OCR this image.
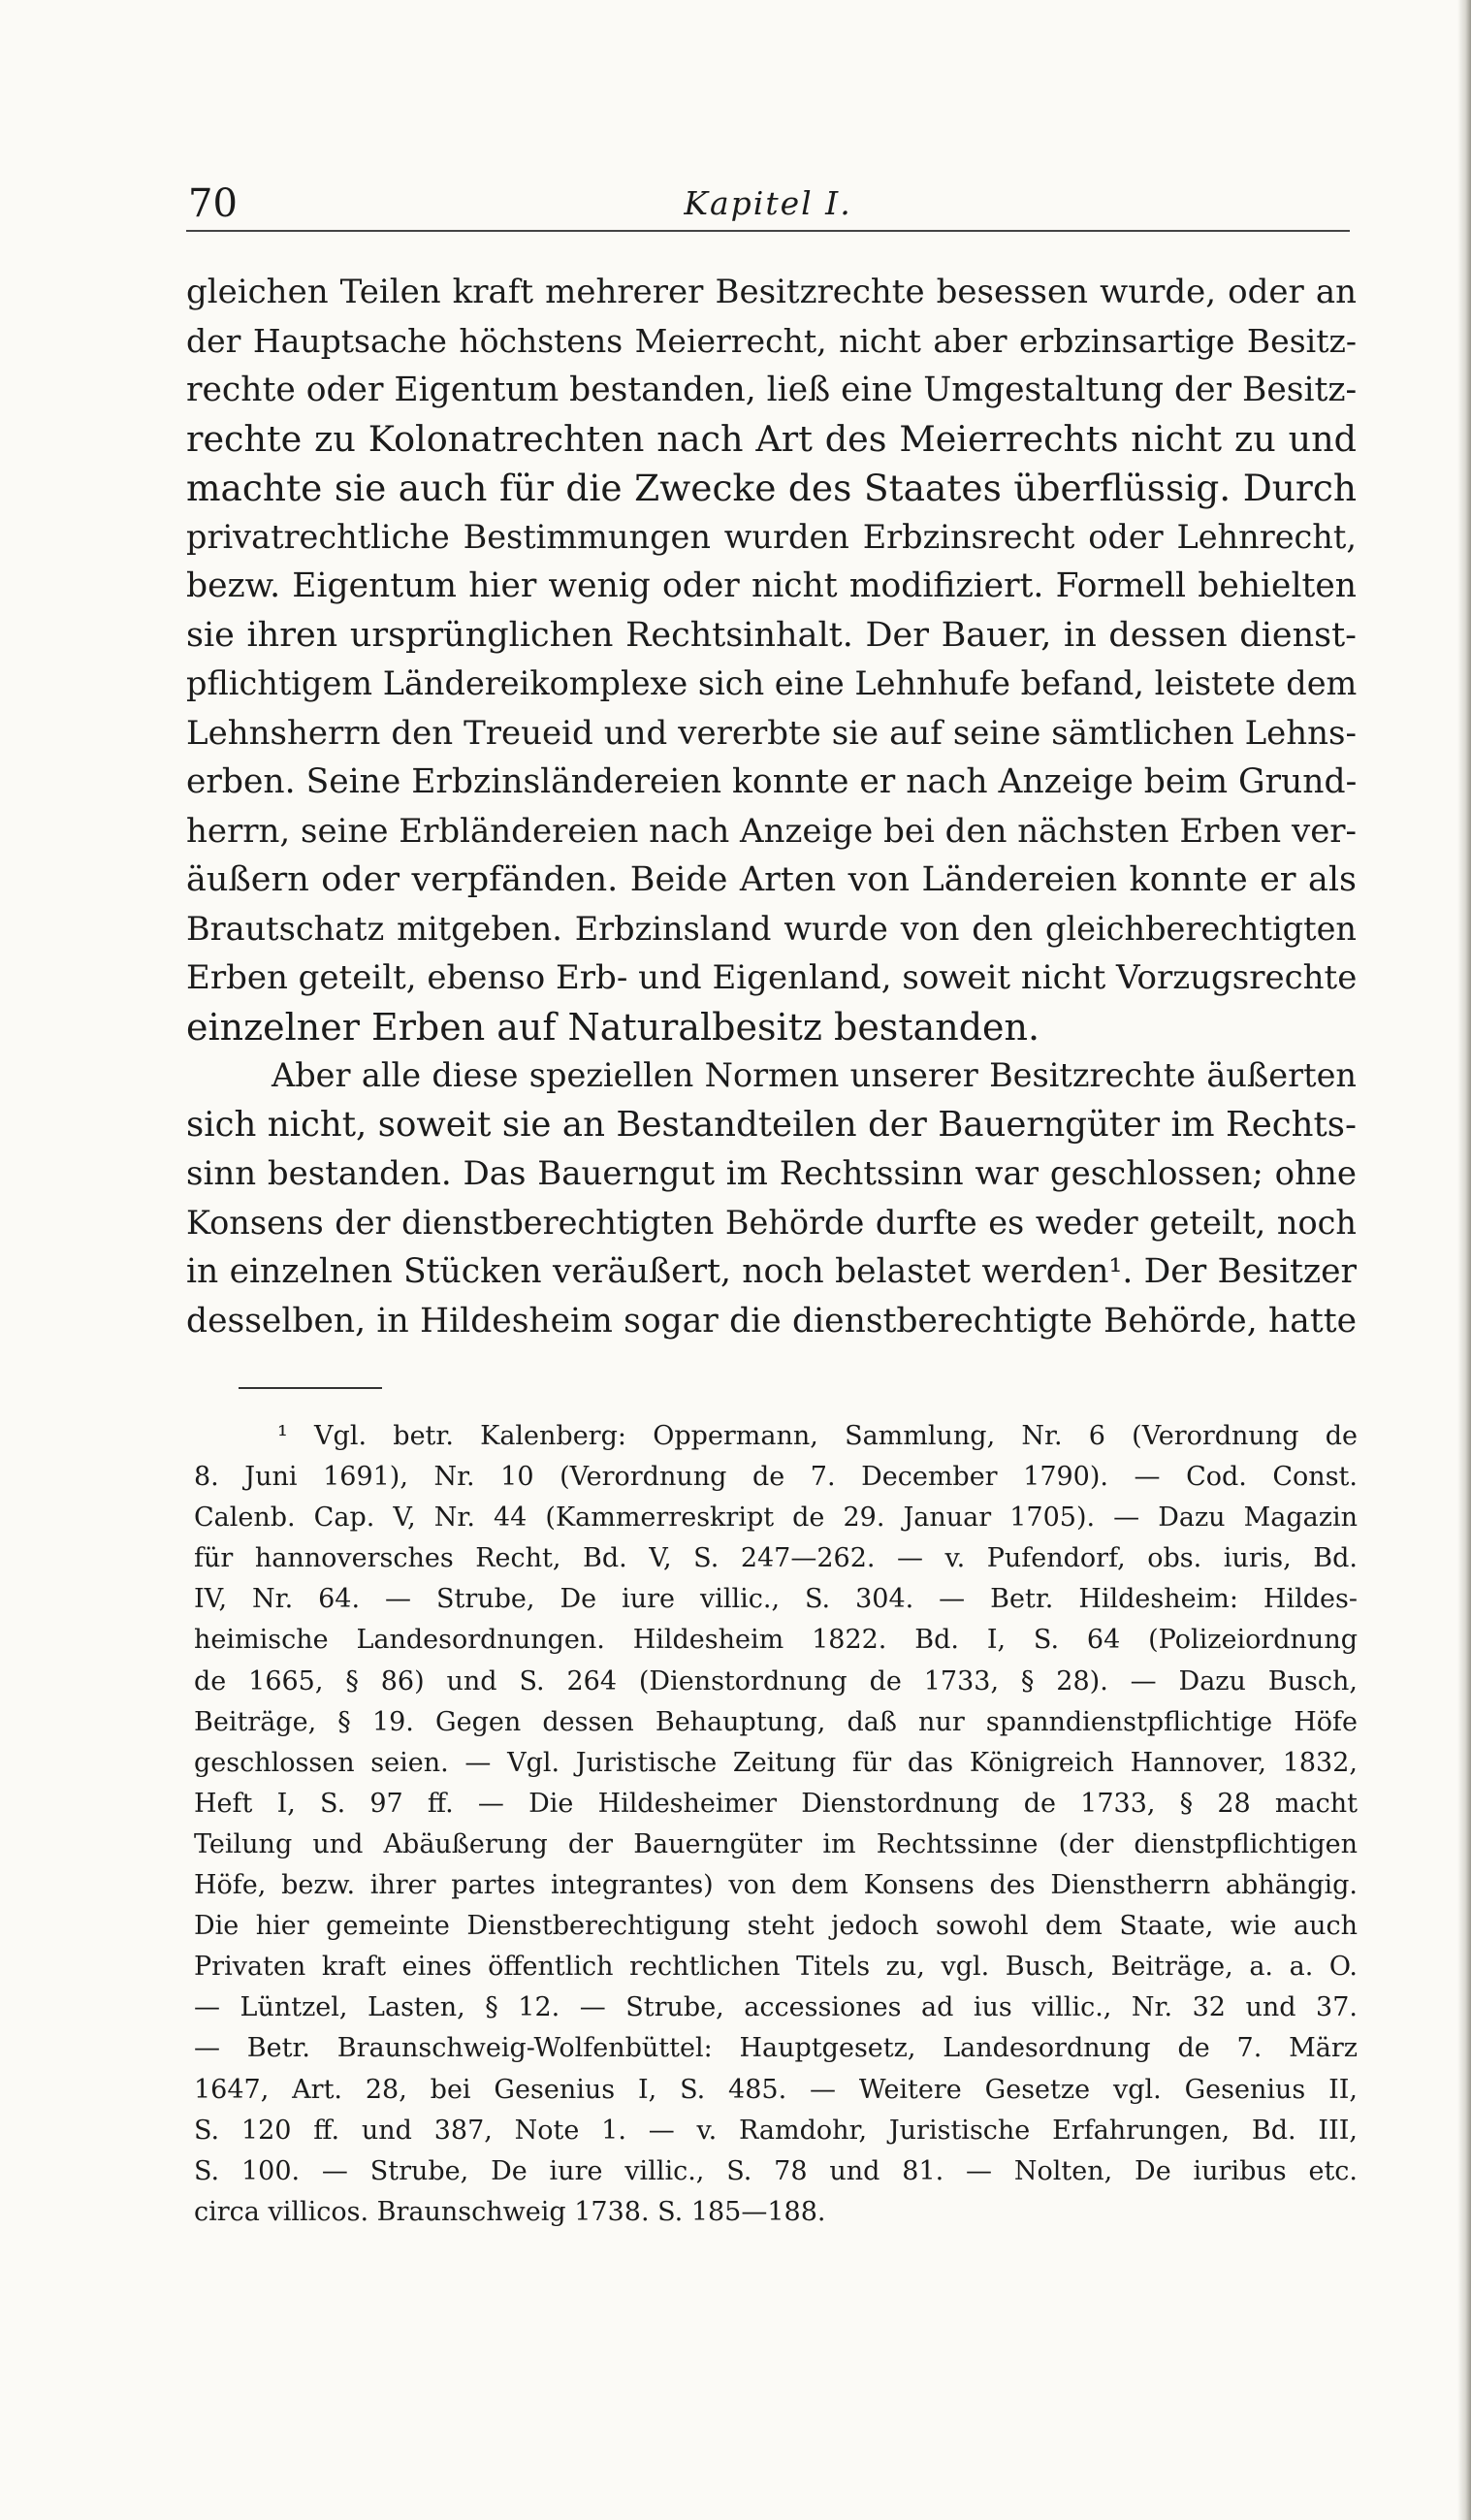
70	Kapitel I.
gleichen Teilen kraft mehrerer Besitzrechte besessen wurde, oder an
der Hauptsache höchstens Meierrecht, nicht aber erbzinsartige Besitz-
rechte oder Eigentum bestanden, ließ eine Umgestaltung der Besitz-
rechte zu Kolonatrechten nach Art des Meierrechts nicht zu und
machte sie auch für die Zwecke des Staates überflüssig. Durch
privatrechtliche Bestimmungen wurden Erbzinsrecht oder Lehnrecht,
bezw. Eigentum hier wenig oder nicht modifiziert. Formell behielten
sie ihren ursprünglichen Rechtsinhalt. Der Bauer, in dessen dienst-
pflichtigem Ländereikomplexe sich eine Lehnhufe befand, leistete dem
Lehnsherrn den Treueid und vererbte sie auf seine sämtlichen Lehns-
erben. Seine Erbzinsländereien konnte er nach Anzeige beim Grund-
herrn, seine Erbländereien nach Anzeige bei den nächsten Erben ver-
äußern oder verpfänden. Beide Arten von Ländereien konnte er als
Brautschatz mitgeben. Erbzinsland wurde von den gleichberechtigten
Erben geteilt, ebenso Erb- und Eigenland, soweit nicht Vorzugsrechte
einzelner Erben auf Naturalbesitz bestanden.
Aber alle diese speziellen Normen unserer Besitzrechte äußerten
sich nicht, soweit sie an Bestandteilen der Bauerngüter im Rechts-
sinn bestanden. Das Bauerngut im Rechtssinn war geschlossen; ohne
Konsens der dienstberechtigten Behörde durfte es weder geteilt, noch
in einzelnen Stücken veräußert, noch belastet werden¹. Der Besitzer
desselben, in Hildesheim sogar die dienstberechtigte Behörde, hatte
¹ Vgl. betr. Kalenberg: Oppermann, Sammlung, Nr. 6 (Verordnung de
8. Juni 1691), Nr. 10 (Verordnung de 7. December 1790). — Cod. Const.
Calenb. Cap. V, Nr. 44 (Kammerreskript de 29. Januar 1705). — Dazu Magazin
für hannoversches Recht, Bd. V, S. 247—262. — v. Pufendorf, obs. iuris, Bd.
IV, Nr. 64. — Strube, De iure villic., S. 304. — Betr. Hildesheim: Hildes-
heimische Landesordnungen. Hildesheim 1822. Bd. I, S. 64 (Polizeiordnung
de 1665, § 86) und S. 264 (Dienstordnung de 1733, § 28). — Dazu Busch,
Beiträge, § 19. Gegen dessen Behauptung, daß nur spanndienstpflichtige Höfe
geschlossen seien. — Vgl. Juristische Zeitung für das Königreich Hannover, 1832,
Heft I, S. 97 ff. — Die Hildesheimer Dienstordnung de 1733, § 28 macht
Teilung und Abäußerung der Bauerngüter im Rechtssinne (der dienstpflichtigen
Höfe, bezw. ihrer partes integrantes) von dem Konsens des Dienstherrn abhängig.
Die hier gemeinte Dienstberechtigung steht jedoch sowohl dem Staate, wie auch
Privaten kraft eines öffentlich rechtlichen Titels zu, vgl. Busch, Beiträge, a. a. O.
— Lüntzel, Lasten, § 12. — Strube, accessiones ad ius villic., Nr. 32 und 37.
— Betr. Braunschweig-Wolfenbüttel: Hauptgesetz, Landesordnung de 7. März
1647, Art. 28, bei Gesenius I, S. 485. — Weitere Gesetze vgl. Gesenius II,
S. 120 ff. und 387, Note 1. — v. Ramdohr, Juristische Erfahrungen, Bd. III,
S. 100. — Strube, De iure villic., S. 78 und 81. — Nolten, De iuribus etc.
circa villicos. Braunschweig 1738. S. 185—188.
